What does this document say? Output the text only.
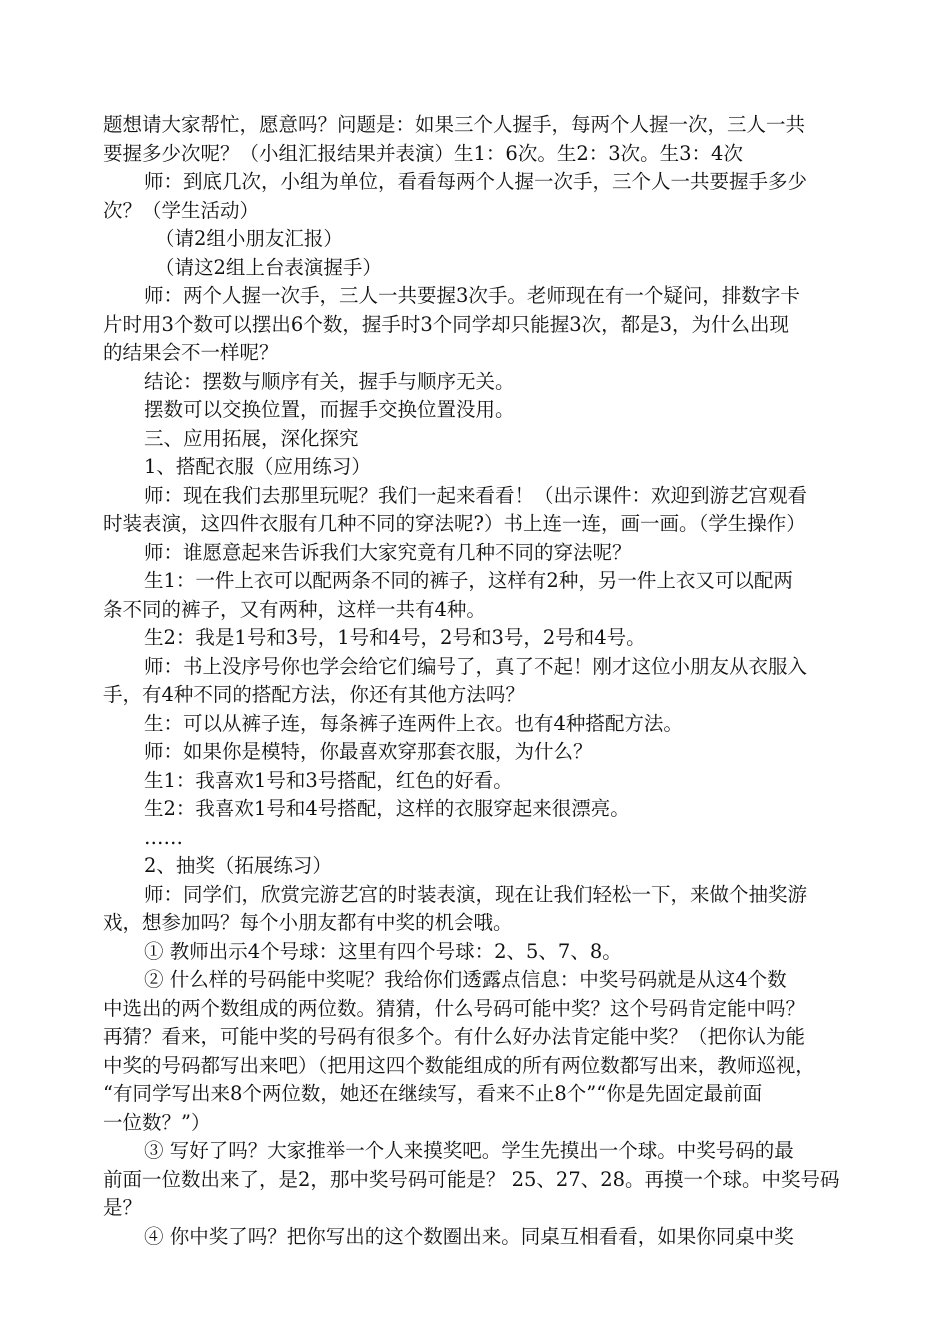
题想请大家帮忙，愿意吗？问题是：如果三个人握手，每两个人握一次，三人一共
要握多少次呢？（小组汇报结果并表演）生1：6次。生2：3次。生3：4次
师：到底几次，小组为单位，看看每两个人握一次手，三个人一共要握手多少
次？（学生活动）
（请2组小朋友汇报）
（请这2组上台表演握手）
师：两个人握一次手，三人一共要握3次手。老师现在有一个疑问，排数字卡
片时用3个数可以摆出6个数，握手时3个同学却只能握3次，都是3，为什么出现
的结果会不一样呢？
结论：摆数与顺序有关，握手与顺序无关。
摆数可以交换位置，而握手交换位置没用。
三、应用拓展，深化探究
1、搭配衣服（应用练习）
师：现在我们去那里玩呢？我们一起来看看！（出示课件：欢迎到游艺宫观看
时装表演，这四件衣服有几种不同的穿法呢?）书上连一连，画一画。（学生操作）
师：谁愿意起来告诉我们大家究竟有几种不同的穿法呢？
生1：一件上衣可以配两条不同的裤子，这样有2种，另一件上衣又可以配两
条不同的裤子，又有两种，这样一共有4种。
生2：我是1号和3号，1号和4号，2号和3号，2号和4号。
师：书上没序号你也学会给它们编号了，真了不起！刚才这位小朋友从衣服入
手，有4种不同的搭配方法，你还有其他方法吗？
生：可以从裤子连，每条裤子连两件上衣。也有4种搭配方法。
师：如果你是模特，你最喜欢穿那套衣服，为什么？
生1：我喜欢1号和3号搭配，红色的好看。
生2：我喜欢1号和4号搭配，这样的衣服穿起来很漂亮。
……
2、抽奖（拓展练习）
师：同学们，欣赏完游艺宫的时装表演，现在让我们轻松一下，来做个抽奖游
戏，想参加吗？每个小朋友都有中奖的机会哦。
① 教师出示4个号球：这里有四个号球：2、5、7、8。
② 什么样的号码能中奖呢？我给你们透露点信息：中奖号码就是从这4个数
中选出的两个数组成的两位数。猜猜，什么号码可能中奖？这个号码肯定能中吗？
再猜？看来，可能中奖的号码有很多个。有什么好办法肯定能中奖？（把你认为能
中奖的号码都写出来吧）（把用这四个数能组成的所有两位数都写出来，教师巡视，
“有同学写出来8个两位数，她还在继续写，看来不止8个”“你是先固定最前面
一位数？”）
③ 写好了吗？大家推举一个人来摸奖吧。学生先摸出一个球。中奖号码的最
前面一位数出来了，是2，那中奖号码可能是？ 25、27、28。再摸一个球。中奖号码
是？
④ 你中奖了吗？把你写出的这个数圈出来。同桌互相看看，如果你同桌中奖
